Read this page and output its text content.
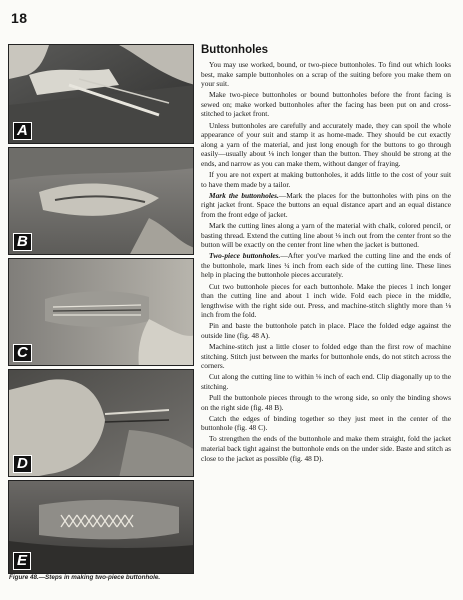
18
A
B
C
D
E
Figure 48.—Steps in making two-piece buttonhole.
Buttonholes

You may use worked, bound, or two-piece buttonholes. To find out which looks best, make sample buttonholes on a scrap of the suiting before you make them on your suit.

Make two-piece buttonholes or bound buttonholes before the front facing is sewed on; make worked buttonholes after the facing has been put on and cross-stitched to jacket front.

Unless buttonholes are carefully and accurately made, they can spoil the whole appearance of your suit and stamp it as home-made. They should be cut exactly along a yarn of the material, and just long enough for the buttons to go through easily—usually about ⅛ inch longer than the button. They should be strong at the ends, and narrow as you can make them, without danger of fraying.

If you are not expert at making buttonholes, it adds little to the cost of your suit to have them made by a tailor.

Mark the buttonholes.—Mark the places for the buttonholes with pins on the right jacket front. Space the buttons an equal distance apart and an equal distance from the front edge of jacket.

Mark the cutting lines along a yarn of the material with chalk, colored pencil, or basting thread. Extend the cutting line about ⅛ inch out from the center front so the button will be exactly on the center front line when the jacket is buttoned.

Two-piece buttonholes.—After you've marked the cutting line and the ends of the buttonhole, mark lines ¼ inch from each side of the cutting line. These lines help in placing the buttonhole pieces accurately.

Cut two buttonhole pieces for each buttonhole. Make the pieces 1 inch longer than the cutting line and about 1 inch wide. Fold each piece in the middle, lengthwise with the right side out. Press, and machine-stitch slightly more than ⅛ inch from the fold.

Pin and baste the buttonhole patch in place. Place the folded edge against the outside line (fig. 48 A).

Machine-stitch just a little closer to folded edge than the first row of machine stitching. Stitch just between the marks for buttonhole ends, do not stitch across the corners.

Cut along the cutting line to within ⅛ inch of each end. Clip diagonally up to the stitching.

Pull the buttonhole pieces through to the wrong side, so only the binding shows on the right side (fig. 48 B).

Catch the edges of binding together so they just meet in the center of the buttonhole (fig. 48 C).

To strengthen the ends of the buttonhole and make them straight, fold the jacket material back tight against the buttonhole ends on the under side. Baste and stitch as close to the jacket as possible (fig. 48 D).
